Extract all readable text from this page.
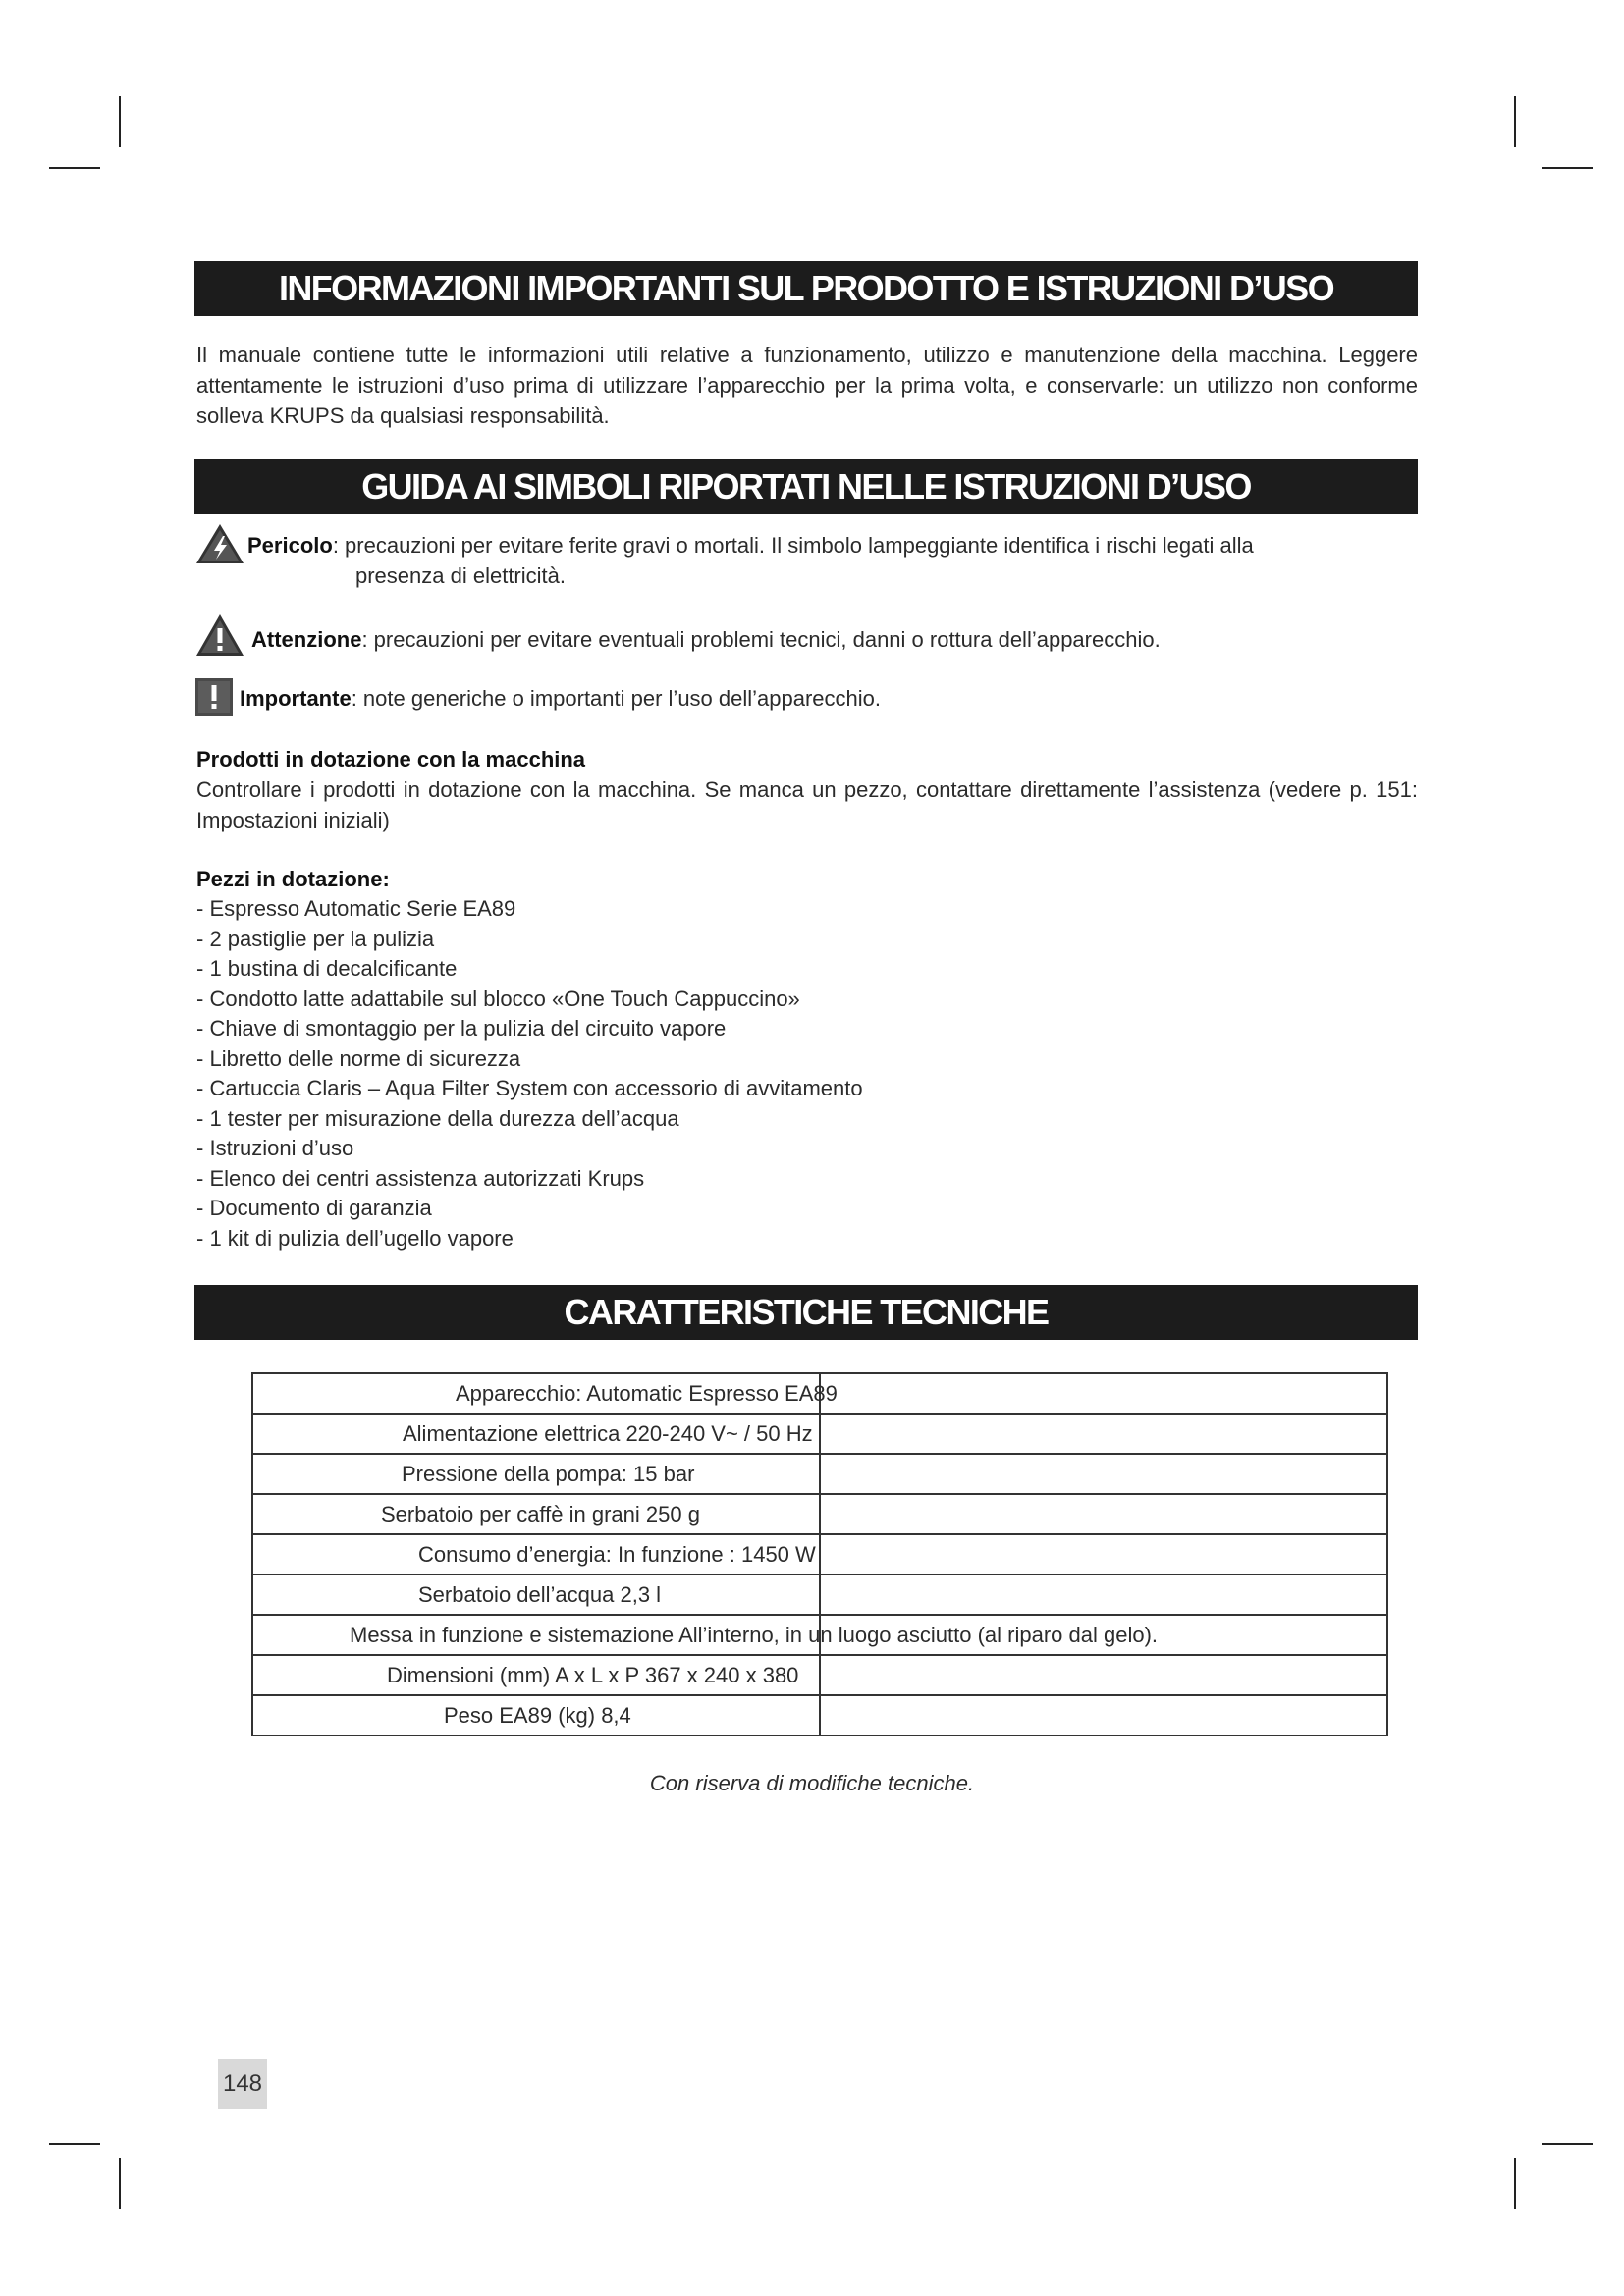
INFORMAZIONI IMPORTANTI SUL PRODOTTO E ISTRUZIONI D’USO
Il manuale contiene tutte le informazioni utili relative a funzionamento, utilizzo e manutenzione della macchina. Leggere attentamente le istruzioni d’uso prima di utilizzare l’apparecchio per la prima volta, e conservarle: un utilizzo non conforme solleva KRUPS da qualsiasi responsabilità.
GUIDA AI SIMBOLI RIPORTATI NELLE ISTRUZIONI D’USO
Pericolo: precauzioni per evitare ferite gravi o mortali. Il simbolo lampeggiante identifica i rischi legati alla
presenza di elettricità.
Attenzione: precauzioni per evitare eventuali problemi tecnici, danni o rottura dell’apparecchio.
Importante: note generiche o importanti per l’uso dell’apparecchio.
Prodotti in dotazione con la macchina
Controllare i prodotti in dotazione con la macchina. Se manca un pezzo, contattare direttamente l’assistenza (vedere p. 151: Impostazioni iniziali)
Pezzi in dotazione:
- Espresso Automatic Serie EA89
- 2 pastiglie per la pulizia
- 1 bustina di decalcificante
- Condotto latte adattabile sul blocco «One Touch Cappuccino»
- Chiave di smontaggio per la pulizia del circuito vapore
- Libretto delle norme di sicurezza
- Cartuccia Claris – Aqua Filter System con accessorio di avvitamento
- 1 tester per misurazione della durezza dell’acqua
- Istruzioni d’uso
- Elenco dei centri assistenza autorizzati Krups
- Documento di garanzia
- 1 kit di pulizia dell’ugello vapore
CARATTERISTICHE TECNICHE
Apparecchio: Automatic Espresso EA89	

Alimentazione elettrica 220-240 V~ / 50 Hz	

Pressione della pompa: 15 bar	

Serbatoio per caffè in grani 250 g	

Consumo d’energia: In funzione : 1450 W	

Serbatoio dell’acqua 2,3 l	

Messa in funzione e sistemazione All’interno, in un luogo asciutto (al riparo dal gelo).	

Dimensioni (mm) A x L x P 367 x 240 x 380	

Peso EA89 (kg) 8,4	

Con riserva di modifiche tecniche.
148
